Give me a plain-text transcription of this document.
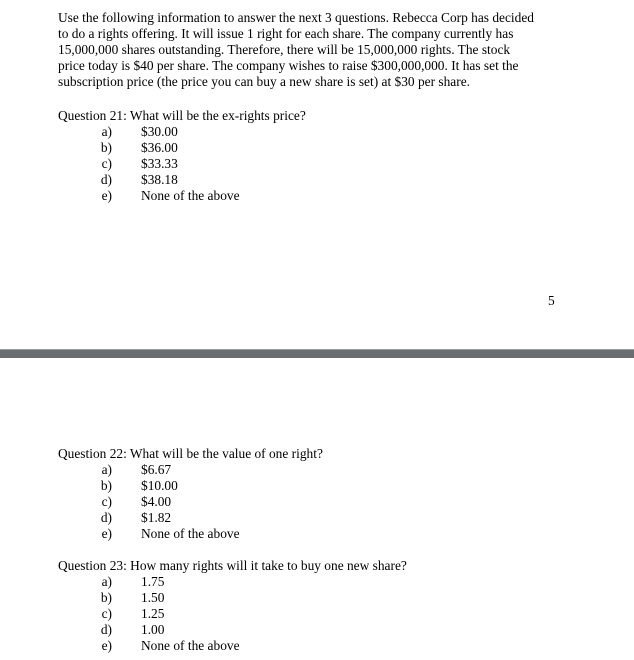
Use the following information to answer the next 3 questions. Rebecca Corp has decided
to do a rights offering. It will issue 1 right for each share. The company currently has
15,000,000 shares outstanding. Therefore, there will be 15,000,000 rights. The stock
price today is $40 per share. The company wishes to raise $300,000,000. It has set the
subscription price (the price you can buy a new share is set) at $30 per share.
Question 21: What will be the ex-rights price?
a) $30.00
b) $36.00
c) $33.33
d) $38.18
e) None of the above
5
Question 22: What will be the value of one right?
a) $6.67
b) $10.00
c) $4.00
d) $1.82
e) None of the above
Question 23: How many rights will it take to buy one new share?
a) 1.75
b) 1.50
c) 1.25
d) 1.00
e) None of the above
